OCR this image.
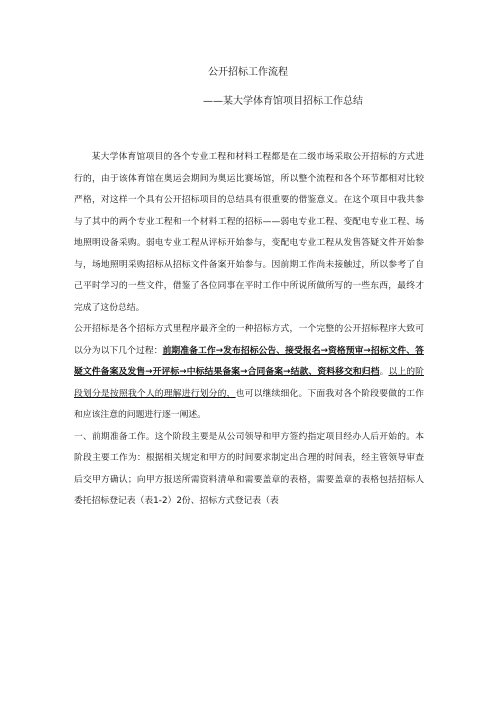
公开招标工作流程
——某大学体育馆项目招标工作总结

某大学体育馆项目的各个专业工程和材料工程都是在二级市场采取公开招标的方式进行的，由于该体育馆在奥运会期间为奥运比赛场馆，所以整个流程和各个环节都相对比较严格，对这样一个具有公开招标项目的总结具有很重要的借鉴意义。在这个项目中我共参与了其中的两个专业工程和一个材料工程的招标——弱电专业工程、变配电专业工程、场地照明设备采购。弱电专业工程从评标开始参与，变配电专业工程从发售答疑文件开始参与，场地照明采购招标从招标文件备案开始参与。因前期工作尚未接触过，所以参考了自己平时学习的一些文件，借鉴了各位同事在平时工作中所说所做所写的一些东西，最终才完成了这份总结。

公开招标是各个招标方式里程序最齐全的一种招标方式，一个完整的公开招标程序大致可以分为以下几个过程：前期准备工作→发布招标公告、接受报名→资格预审→招标文件、答疑文件备案及发售→开评标→中标结果备案→合同备案→结款、资料移交和归档。以上的阶段划分是按照我个人的理解进行划分的，也可以继续细化。下面我对各个阶段要做的工作和应该注意的问题进行逐一阐述。

一、前期准备工作。这个阶段主要是从公司领导和甲方签约指定项目经办人后开始的。本阶段主要工作为：根据相关规定和甲方的时间要求制定出合理的时间表，经主管领导审查后交甲方确认；向甲方报送所需资料清单和需要盖章的表格，需要盖章的表格包括招标人委托招标登记表（表1-2）2份、招标方式登记表（表
